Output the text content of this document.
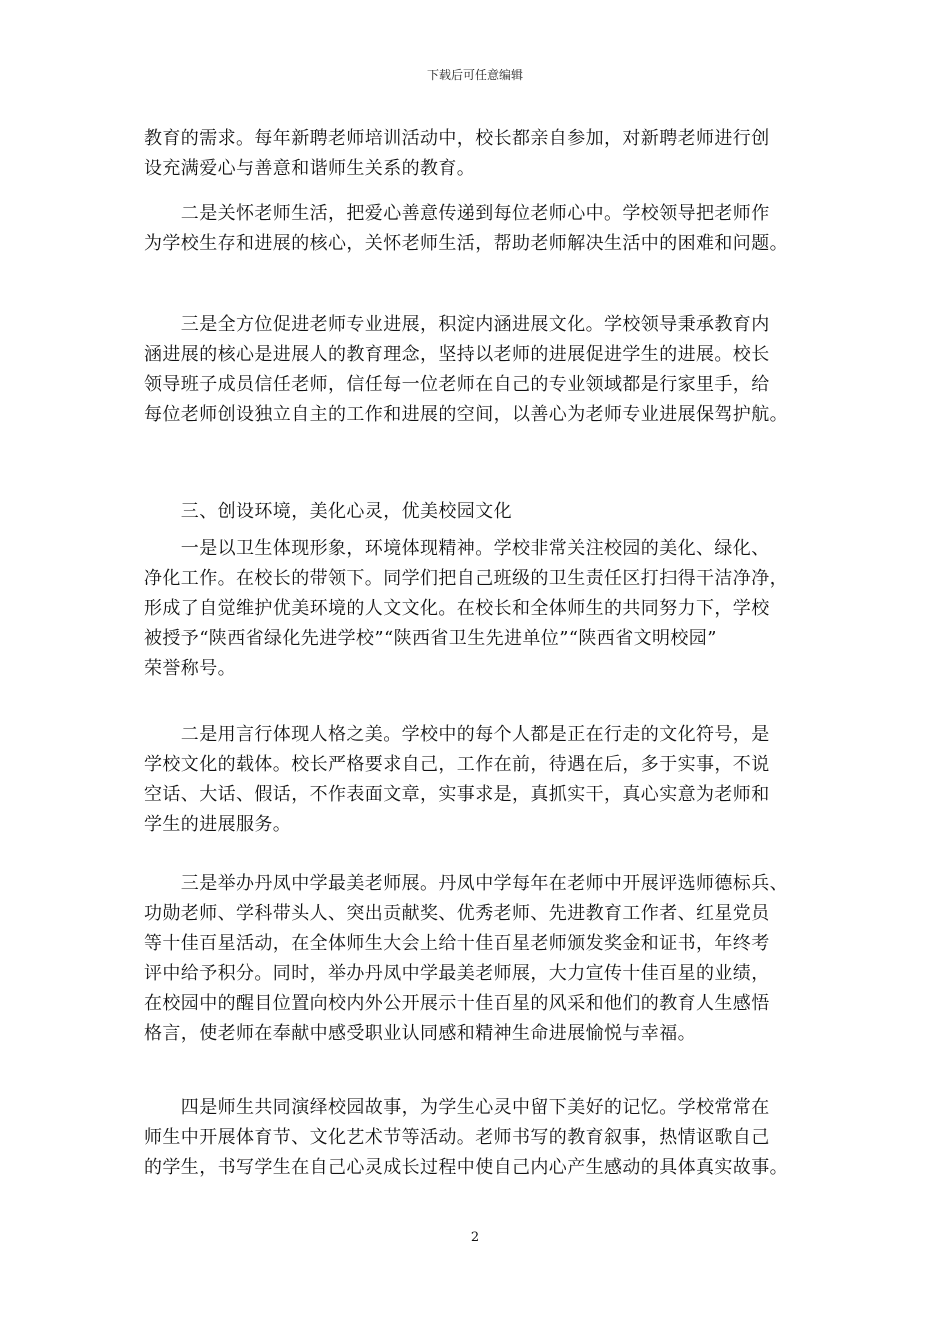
下载后可任意编辑

教育的需求。每年新聘老师培训活动中，校长都亲自参加，对新聘老师进行创
设充满爱心与善意和谐师生关系的教育。

　　二是关怀老师生活，把爱心善意传递到每位老师心中。学校领导把老师作
为学校生存和进展的核心，关怀老师生活，帮助老师解决生活中的困难和问题。

　　三是全方位促进老师专业进展，积淀内涵进展文化。学校领导秉承教育内
涵进展的核心是进展人的教育理念，坚持以老师的进展促进学生的进展。校长
领导班子成员信任老师，信任每一位老师在自己的专业领域都是行家里手，给
每位老师创设独立自主的工作和进展的空间，以善心为老师专业进展保驾护航。

　　三、创设环境，美化心灵，优美校园文化

　　一是以卫生体现形象，环境体现精神。学校非常关注校园的美化、绿化、
净化工作。在校长的带领下。同学们把自己班级的卫生责任区打扫得干洁净净，
形成了自觉维护优美环境的人文文化。在校长和全体师生的共同努力下，学校
被授予“陕西省绿化先进学校”“陕西省卫生先进单位”“陕西省文明校园”
荣誉称号。

　　二是用言行体现人格之美。学校中的每个人都是正在行走的文化符号，是
学校文化的载体。校长严格要求自己，工作在前，待遇在后，多于实事，不说
空话、大话、假话，不作表面文章，实事求是，真抓实干，真心实意为老师和
学生的进展服务。

　　三是举办丹凤中学最美老师展。丹凤中学每年在老师中开展评选师德标兵、
功勋老师、学科带头人、突出贡献奖、优秀老师、先进教育工作者、红星党员
等十佳百星活动，在全体师生大会上给十佳百星老师颁发奖金和证书，年终考
评中给予积分。同时，举办丹凤中学最美老师展，大力宣传十佳百星的业绩，
在校园中的醒目位置向校内外公开展示十佳百星的风采和他们的教育人生感悟
格言，使老师在奉献中感受职业认同感和精神生命进展愉悦与幸福。

　　四是师生共同演绎校园故事，为学生心灵中留下美好的记忆。学校常常在
师生中开展体育节、文化艺术节等活动。老师书写的教育叙事，热情讴歌自己
的学生，书写学生在自己心灵成长过程中使自己内心产生感动的具体真实故事。

2
